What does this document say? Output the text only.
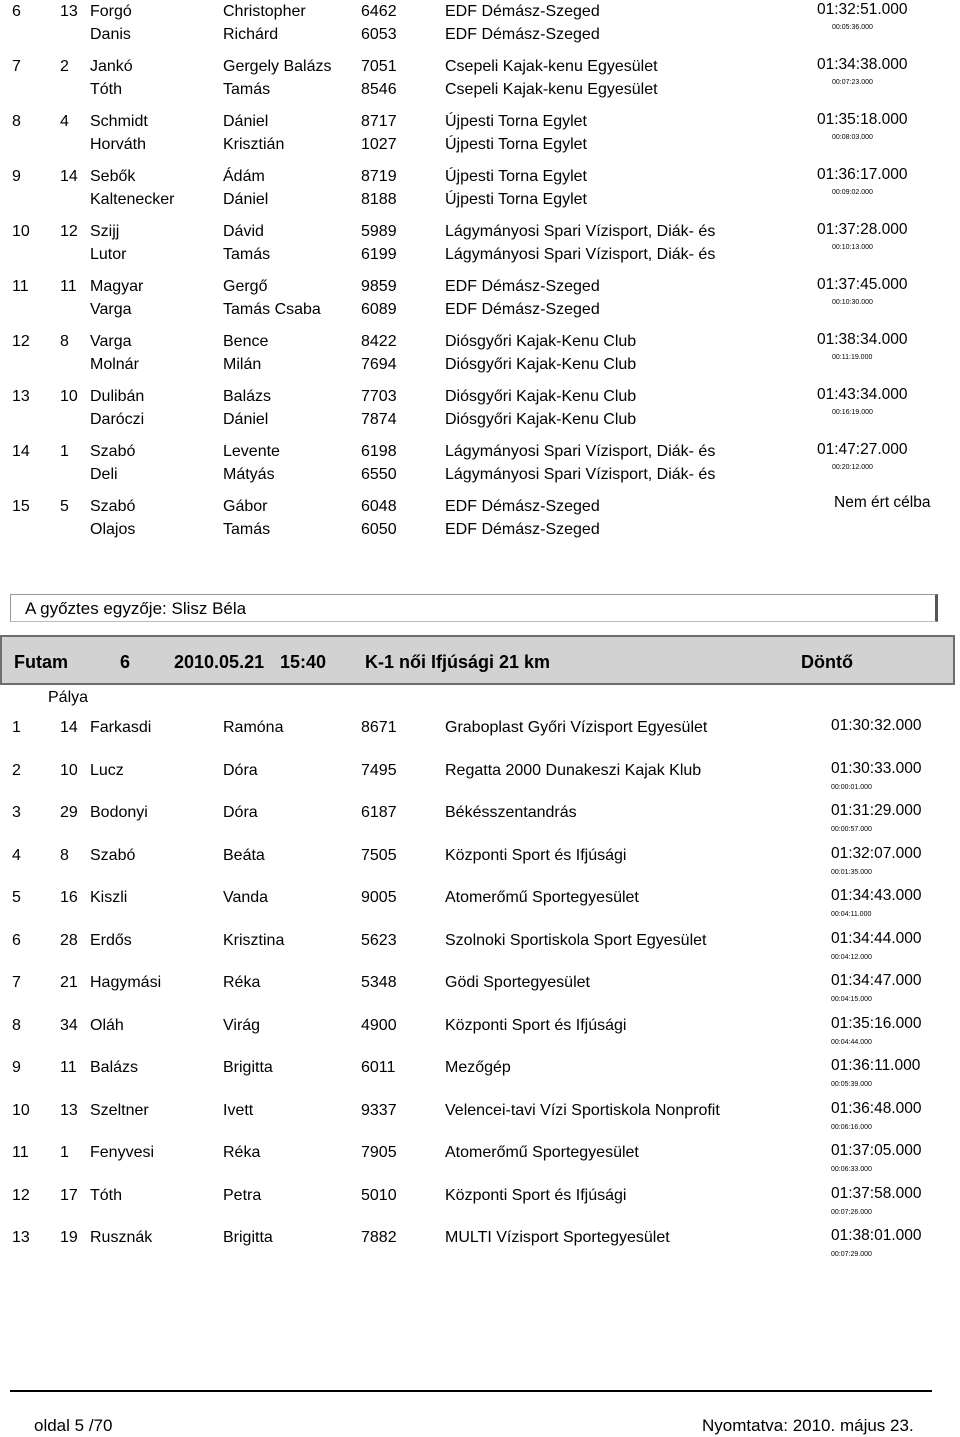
6	13 Forgó	Christopher	6462	EDF Démász-Szeged
Danis	Richárd	6053	EDF Démász-Szeged
01:32:51.000
00:05:36.000
7	2	Jankó	Gergely Balázs 7051	Csepeli Kajak-kenu Egyesület
Tóth	Tamás	8546	Csepeli Kajak-kenu Egyesület
01:34:38.000
00:07:23.000
8	4	Schmidt	Dániel	8717	Újpesti Torna Egylet
Horváth	Krisztián	1027	Újpesti Torna Egylet
01:35:18.000
00:08:03.000
9	14 Sebők	Ádám	8719	Újpesti Torna Egylet
Kaltenecker	Dániel	8188	Újpesti Torna Egylet
01:36:17.000
00:09:02.000
10	12 Szijj	Dávid	5989	Lágymányosi Spari Vízisport, Diák- és
Lutor	Tamás	6199	Lágymányosi Spari Vízisport, Diák- és
01:37:28.000
00:10:13.000
11	11 Magyar	Gergő	9859	EDF Démász-Szeged
Varga	Tamás Csaba	6089	EDF Démász-Szeged
01:37:45.000
00:10:30.000
12	8	Varga	Bence	8422	Diósgyőri Kajak-Kenu Club
Molnár	Milán	7694	Diósgyőri Kajak-Kenu Club
01:38:34.000
00:11:19.000
13	10 Dulibán	Balázs	7703	Diósgyőri Kajak-Kenu Club
Daróczi	Dániel	7874	Diósgyőri Kajak-Kenu Club
01:43:34.000
00:16:19.000
14	1	Szabó	Levente	6198	Lágymányosi Spari Vízisport, Diák- és
Deli	Mátyás	6550	Lágymányosi Spari Vízisport, Diák- és
01:47:27.000
00:20:12.000
15	5	Szabó	Gábor	6048	EDF Démász-Szeged
Olajos	Tamás	6050	EDF Démász-Szeged
Nem ért célba
A győztes egyzője: Slisz Béla
Futam	6 2010.05.21 15:40 K-1 női Ifjúsági 21 km	Döntő
Pálya
1	14 Farkasdi	Ramóna	8671	Graboplast Győri Vízisport Egyesület	01:30:32.000
2	10 Lucz	Dóra	7495	Regatta 2000 Dunakeszi Kajak Klub	01:30:33.000
00:00:01.000
3	29 Bodonyi	Dóra	6187	Békésszentandrás	01:31:29.000
00:00:57.000
4	8	Szabó	Beáta	7505	Központi Sport és Ifjúsági	01:32:07.000
00:01:35.000
5	16 Kiszli	Vanda	9005	Atomerőmű Sportegyesület	01:34:43.000
00:04:11.000
6	28 Erdős	Krisztina	5623	Szolnoki Sportiskola Sport Egyesület	01:34:44.000
00:04:12.000
7	21 Hagymási	Réka	5348	Gödi Sportegyesület	01:34:47.000
00:04:15.000
8	34 Oláh	Virág	4900	Központi Sport és Ifjúsági	01:35:16.000
00:04:44.000
9	11 Balázs	Brigitta	6011	Mezőgép	01:36:11.000
00:05:39.000
10	13 Szeltner	Ivett	9337	Velencei-tavi Vízi Sportiskola Nonprofit	01:36:48.000
00:06:16.000
11	1	Fenyvesi	Réka	7905	Atomerőmű Sportegyesület	01:37:05.000
00:06:33.000
12	17 Tóth	Petra	5010	Központi Sport és Ifjúsági	01:37:58.000
00:07:26.000
13	19 Rusznák	Brigitta	7882	MULTI Vízisport Sportegyesület	01:38:01.000
00:07:29.000
oldal 5 /70	Nyomtatva: 2010. május 23.
